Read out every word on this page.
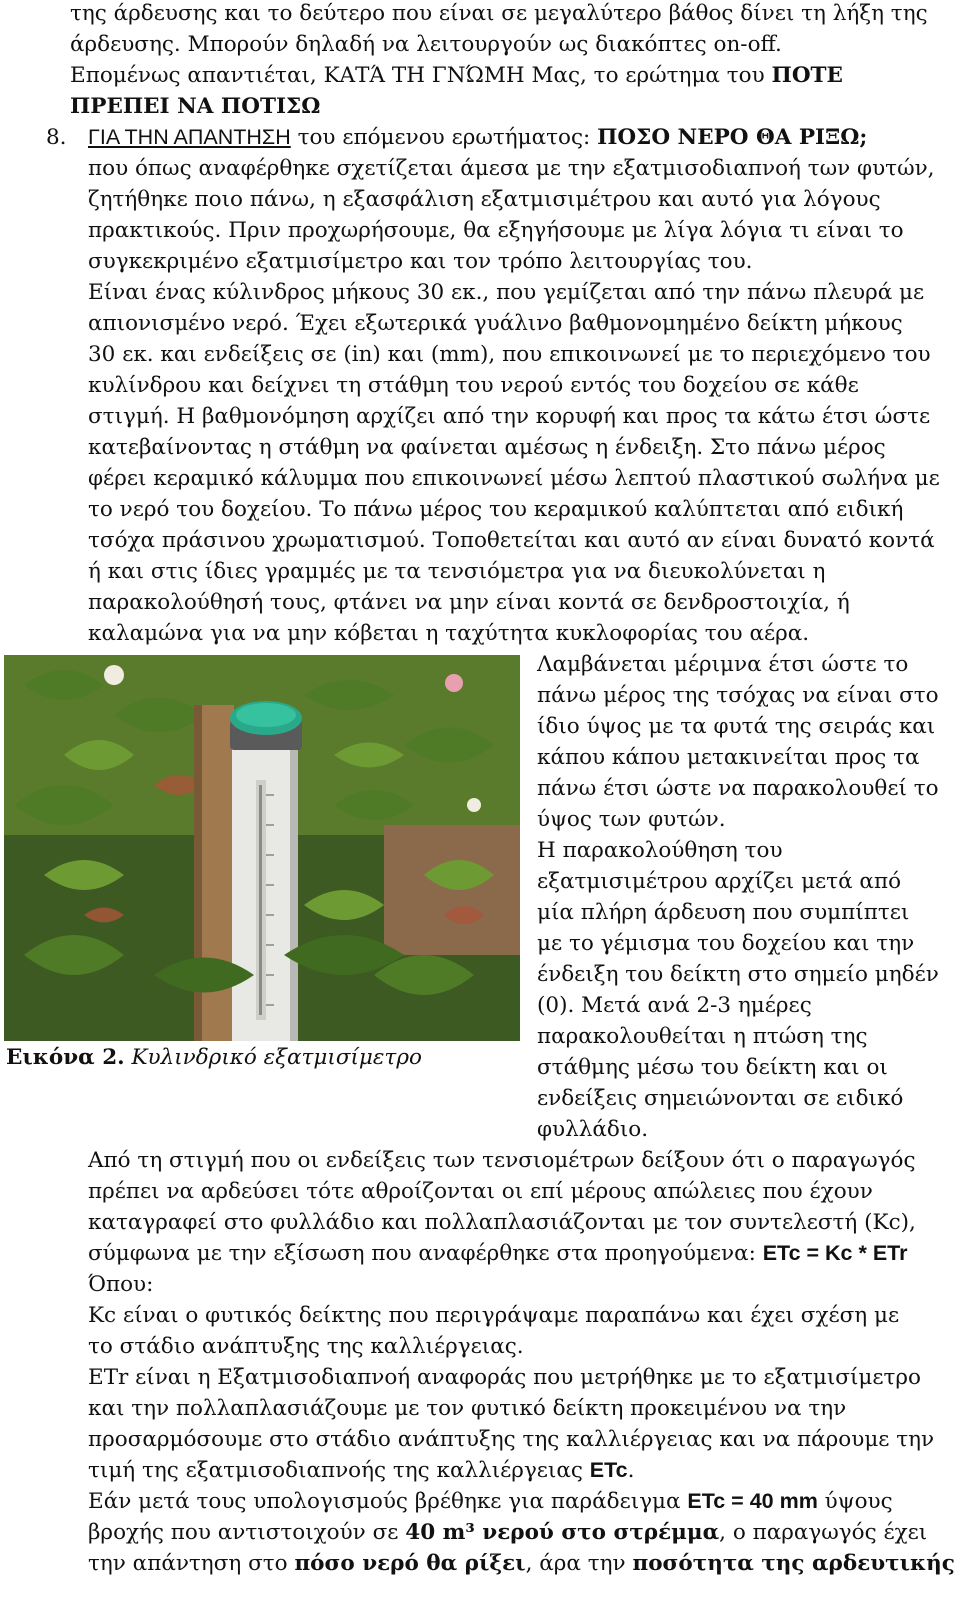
της άρδευσης και το δεύτερο που είναι σε μεγαλύτερο βάθος δίνει τη λήξη της
άρδευσης. Μπορούν δηλαδή να λειτουργούν ως διακόπτες on-off.
Επομένως απαντιέται, ΚΑΤΆ ΤΗ ΓΝΏΜΗ Μας, το ερώτημα του ΠΟΤΕ
ΠΡΕΠΕΙ ΝΑ ΠΟΤΙΣΩ
8. ΓΙΑ ΤΗΝ ΑΠΑΝΤΗΣΗ του επόμενου ερωτήματος: ΠΟΣΟ ΝΕΡΟ ΘΑ ΡΙΞΩ;
που όπως αναφέρθηκε σχετίζεται άμεσα με την εξατμισοδιαπνοή των φυτών,
ζητήθηκε ποιο πάνω, η εξασφάλιση εξατμισιμέτρου και αυτό για λόγους
πρακτικούς. Πριν προχωρήσουμε, θα εξηγήσουμε με λίγα λόγια τι είναι το
συγκεκριμένο εξατμισίμετρο και τον τρόπο λειτουργίας του.
Είναι ένας κύλινδρος μήκους 30 εκ., που γεμίζεται από την πάνω πλευρά με
απιονισμένο νερό. Έχει εξωτερικά γυάλινο βαθμονομημένο δείκτη μήκους
30 εκ. και ενδείξεις σε (in) και (mm), που επικοινωνεί με το περιεχόμενο του
κυλίνδρου και δείχνει τη στάθμη του νερού εντός του δοχείου σε κάθε
στιγμή. Η βαθμονόμηση αρχίζει από την κορυφή και προς τα κάτω έτσι ώστε
κατεβαίνοντας η στάθμη να φαίνεται αμέσως η ένδειξη. Στο πάνω μέρος
φέρει κεραμικό κάλυμμα που επικοινωνεί μέσω λεπτού πλαστικού σωλήνα με
το νερό του δοχείου. Το πάνω μέρος του κεραμικού καλύπτεται από ειδική
τσόχα πράσινου χρωματισμού. Τοποθετείται και αυτό αν είναι δυνατό κοντά
ή και στις ίδιες γραμμές με τα τενσιόμετρα για να διευκολύνεται η
παρακολούθησή τους, φτάνει να μην είναι κοντά σε δενδροστοιχία, ή
καλαμώνα για να μην κόβεται η ταχύτητα κυκλοφορίας του αέρα.
Εικόνα 2. Κυλινδρικό εξατμισίμετρο
Λαμβάνεται μέριμνα έτσι ώστε το
πάνω μέρος της τσόχας να είναι στο
ίδιο ύψος με τα φυτά της σειράς και
κάπου κάπου μετακινείται προς τα
πάνω έτσι ώστε να παρακολουθεί το
ύψος των φυτών.
Η παρακολούθηση του
εξατμισιμέτρου αρχίζει μετά από
μία πλήρη άρδευση που συμπίπτει
με το γέμισμα του δοχείου και την
ένδειξη του δείκτη στο σημείο μηδέν
(0). Μετά ανά 2-3 ημέρες
παρακολουθείται η πτώση της
στάθμης μέσω του δείκτη και οι
ενδείξεις σημειώνονται σε ειδικό
φυλλάδιο.
Από τη στιγμή που οι ενδείξεις των τενσιομέτρων δείξουν ότι ο παραγωγός
πρέπει να αρδεύσει τότε αθροίζονται οι επί μέρους απώλειες που έχουν
καταγραφεί στο φυλλάδιο και πολλαπλασιάζονται με τον συντελεστή (Kc),
σύμφωνα με την εξίσωση που αναφέρθηκε στα προηγούμενα: ETc = Kc * ETr
Όπου:
Kc είναι ο φυτικός δείκτης που περιγράψαμε παραπάνω και έχει σχέση με
το στάδιο ανάπτυξης της καλλιέργειας.
ETr είναι η Εξατμισοδιαπνοή αναφοράς που μετρήθηκε με το εξατμισίμετρο
και την πολλαπλασιάζουμε με τον φυτικό δείκτη προκειμένου να την
προσαρμόσουμε στο στάδιο ανάπτυξης της καλλιέργειας και να πάρουμε την
τιμή της εξατμισοδιαπνοής της καλλιέργειας ETc.
Εάν μετά τους υπολογισμούς βρέθηκε για παράδειγμα ETc = 40 mm ύψους
βροχής που αντιστοιχούν σε 40 m³ νερού στο στρέμμα, ο παραγωγός έχει
την απάντηση στο πόσο νερό θα ρίξει, άρα την ποσότητα της αρδευτικής
